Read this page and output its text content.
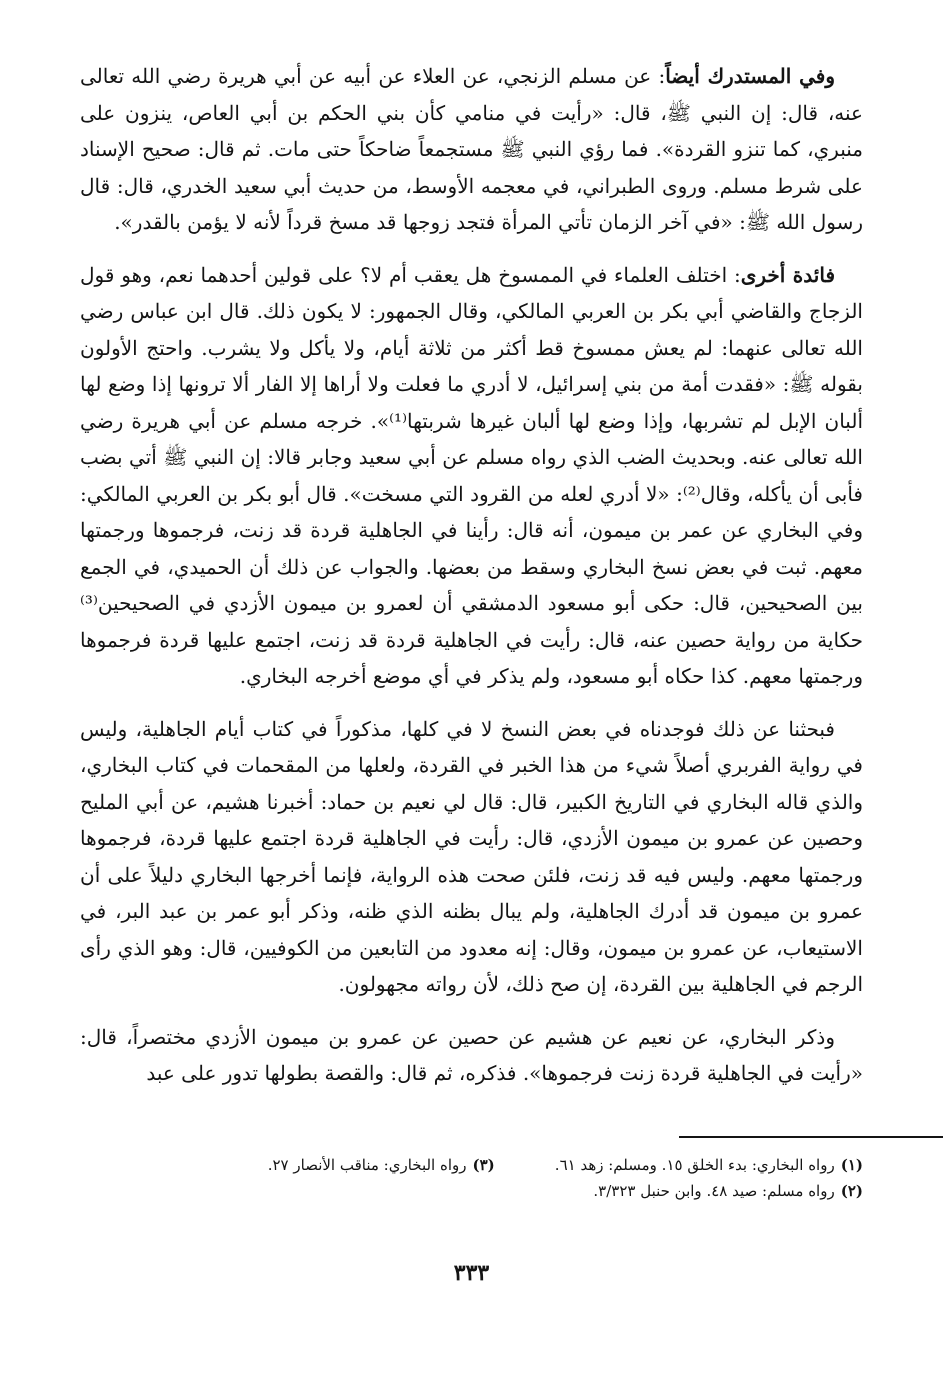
وفي المستدرك أيضاً: عن مسلم الزنجي، عن العلاء عن أبيه عن أبي هريرة رضي الله تعالى عنه، قال: إن النبي ﷺ، قال: «رأيت في منامي كأن بني الحكم بن أبي العاص، ينزون على منبري، كما تنزو القردة». فما رؤي النبي ﷺ مستجمعاً ضاحكاً حتى مات. ثم قال: صحيح الإسناد على شرط مسلم. وروى الطبراني، في معجمه الأوسط، من حديث أبي سعيد الخدري، قال: قال رسول الله ﷺ: «في آخر الزمان تأتي المرأة فتجد زوجها قد مسخ قرداً لأنه لا يؤمن بالقدر».

فائدة أخرى: اختلف العلماء في الممسوخ هل يعقب أم لا؟ على قولين أحدهما نعم، وهو قول الزجاج والقاضي أبي بكر بن العربي المالكي، وقال الجمهور: لا يكون ذلك. قال ابن عباس رضي الله تعالى عنهما: لم يعش ممسوخ قط أكثر من ثلاثة أيام، ولا يأكل ولا يشرب. واحتج الأولون بقوله ﷺ: «فقدت أمة من بني إسرائيل، لا أدري ما فعلت ولا أراها إلا الفار ألا ترونها إذا وضع لها ألبان الإبل لم تشربها، وإذا وضع لها ألبان غيرها شربتها⁽¹⁾». خرجه مسلم عن أبي هريرة رضي الله تعالى عنه. وبحديث الضب الذي رواه مسلم عن أبي سعيد وجابر قالا: إن النبي ﷺ أتي بضب فأبى أن يأكله، وقال⁽²⁾: «لا أدري لعله من القرود التي مسخت». قال أبو بكر بن العربي المالكي: وفي البخاري عن عمر بن ميمون، أنه قال: رأينا في الجاهلية قردة قد زنت، فرجموها ورجمتها معهم. ثبت في بعض نسخ البخاري وسقط من بعضها. والجواب عن ذلك أن الحميدي، في الجمع بين الصحيحين، قال: حكى أبو مسعود الدمشقي أن لعمرو بن ميمون الأزدي في الصحيحين⁽³⁾ حكاية من رواية حصين عنه، قال: رأيت في الجاهلية قردة قد زنت، اجتمع عليها قردة فرجموها ورجمتها معهم. كذا حكاه أبو مسعود، ولم يذكر في أي موضع أخرجه البخاري.

فبحثنا عن ذلك فوجدناه في بعض النسخ لا في كلها، مذكوراً في كتاب أيام الجاهلية، وليس في رواية الفربري أصلاً شيء من هذا الخبر في القردة، ولعلها من المقحمات في كتاب البخاري، والذي قاله البخاري في التاريخ الكبير، قال: قال لي نعيم بن حماد: أخبرنا هشيم، عن أبي المليح وحصين عن عمرو بن ميمون الأزدي، قال: رأيت في الجاهلية قردة اجتمع عليها قردة، فرجموها ورجمتها معهم. وليس فيه قد زنت، فلئن صحت هذه الرواية، فإنما أخرجها البخاري دليلاً على أن عمرو بن ميمون قد أدرك الجاهلية، ولم يبال بظنه الذي ظنه، وذكر أبو عمر بن عبد البر، في الاستيعاب، عن عمرو بن ميمون، وقال: إنه معدود من التابعين من الكوفيين، قال: وهو الذي رأى الرجم في الجاهلية بين القردة، إن صح ذلك، لأن رواته مجهولون.

وذكر البخاري، عن نعيم عن هشيم عن حصين عن عمرو بن ميمون الأزدي مختصراً، قال: «رأيت في الجاهلية قردة زنت فرجموها». فذكره، ثم قال: والقصة بطولها تدور على عبد

(١)رواه البخاري: بدء الخلق ١٥. ومسلم: زهد ٦١.
(٣)رواه البخاري: مناقب الأنصار ٢٧.
(٢)رواه مسلم: صيد ٤٨. وابن حنبل ٣/٣٢٣.
٣٣٣
